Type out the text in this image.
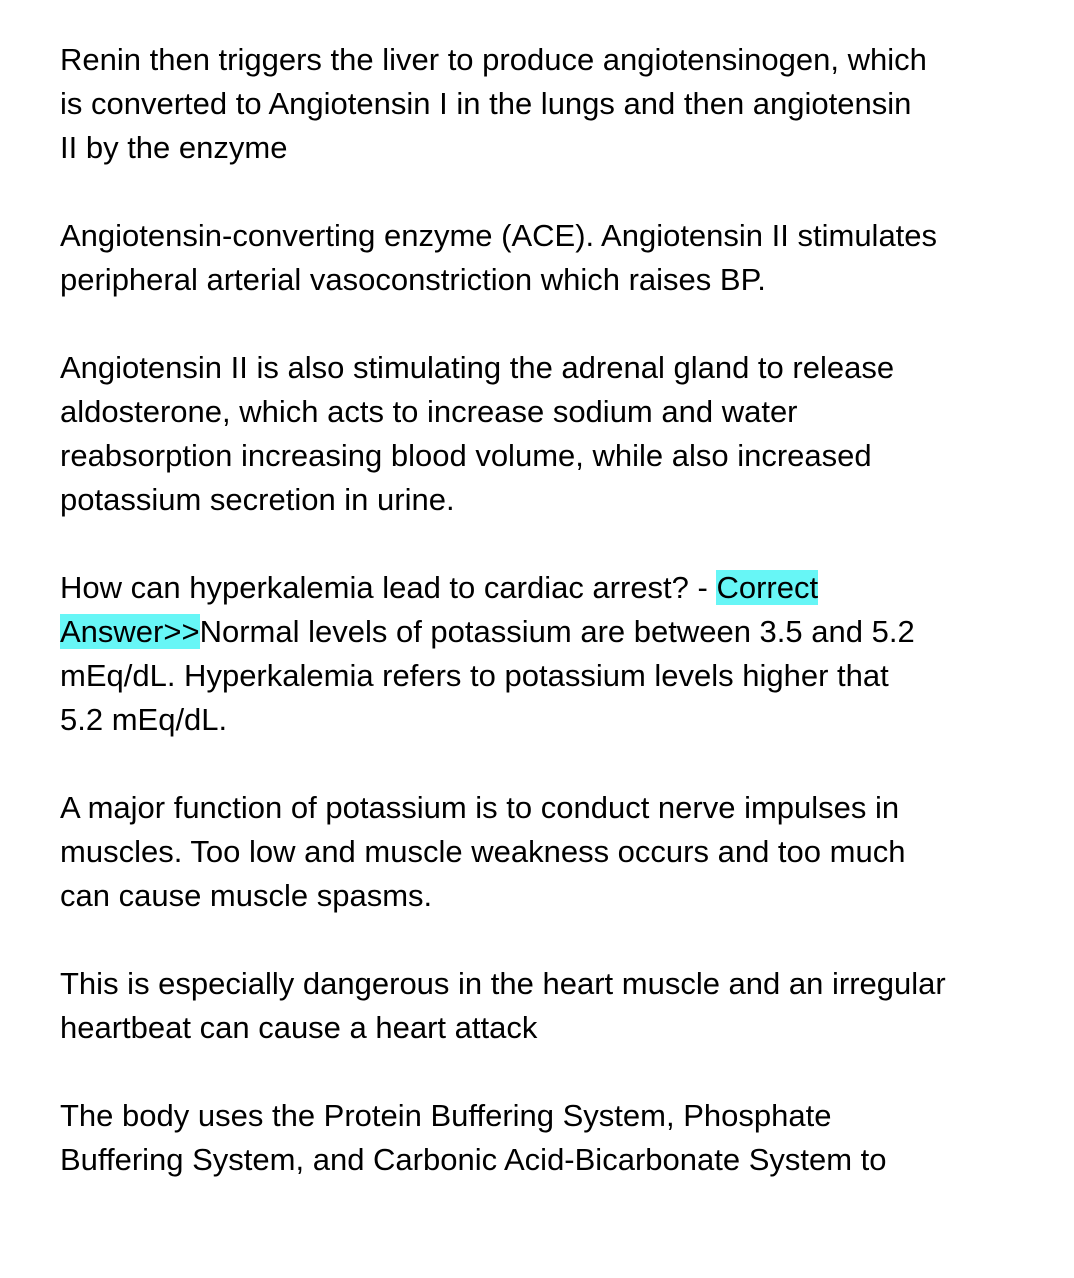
Renin then triggers the liver to produce angiotensinogen, which
is converted to Angiotensin I in the lungs and then angiotensin
II by the enzyme

Angiotensin-converting enzyme (ACE). Angiotensin II stimulates
peripheral arterial vasoconstriction which raises BP.

Angiotensin II is also stimulating the adrenal gland to release
aldosterone, which acts to increase sodium and water
reabsorption increasing blood volume, while also increased
potassium secretion in urine.

How can hyperkalemia lead to cardiac arrest? - Correct
Answer>>Normal levels of potassium are between 3.5 and 5.2
mEq/dL. Hyperkalemia refers to potassium levels higher that
5.2 mEq/dL.

A major function of potassium is to conduct nerve impulses in
muscles. Too low and muscle weakness occurs and too much
can cause muscle spasms.

This is especially dangerous in the heart muscle and an irregular
heartbeat can cause a heart attack

The body uses the Protein Buffering System, Phosphate
Buffering System, and Carbonic Acid-Bicarbonate System to
